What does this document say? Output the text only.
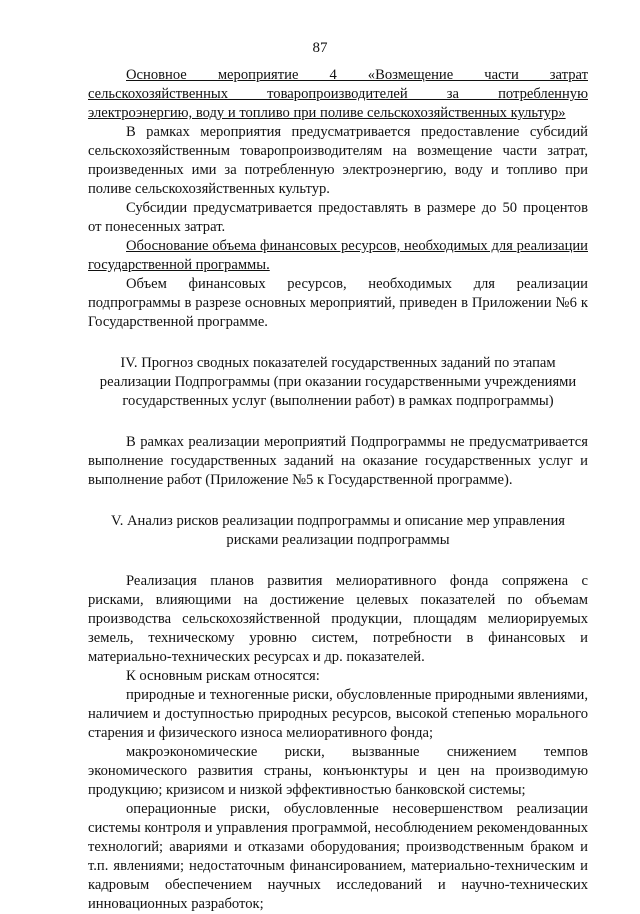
87

Основное мероприятие 4 «Возмещение части затрат сельскохозяйственных товаропроизводителей за потребленную электроэнергию, воду и топливо при поливе сельскохозяйственных культур»

В рамках мероприятия предусматривается предоставление субсидий сельскохозяйственным товаропроизводителям на возмещение части затрат, произведенных ими за потребленную электроэнергию, воду и топливо при поливе сельскохозяйственных культур.

Субсидии предусматривается предоставлять в размере до 50 процентов от понесенных затрат.

Обоснование объема финансовых ресурсов, необходимых для реализации государственной программы.

Объем финансовых ресурсов, необходимых для реализации подпрограммы в разрезе основных мероприятий, приведен в Приложении №6 к Государственной программе.

IV. Прогноз сводных показателей государственных заданий по этапам реализации Подпрограммы (при оказании государственными учреждениями государственных услуг (выполнении работ) в рамках подпрограммы)

В рамках реализации мероприятий Подпрограммы не предусматривается выполнение государственных заданий на оказание государственных услуг и выполнение работ (Приложение №5 к Государственной программе).

V. Анализ рисков реализации подпрограммы и описание мер управления рисками реализации подпрограммы

Реализация планов развития мелиоративного фонда сопряжена с рисками, влияющими на достижение целевых показателей по объемам производства сельскохозяйственной продукции, площадям мелиорируемых земель, техническому уровню систем, потребности в финансовых и материально-технических ресурсах и др. показателей.

К основным рискам относятся:

природные и техногенные риски, обусловленные природными явлениями, наличием и доступностью природных ресурсов, высокой степенью морального старения и физического износа мелиоративного фонда;

макроэкономические риски, вызванные снижением темпов экономического развития страны, конъюнктуры и цен на производимую продукцию; кризисом и низкой эффективностью банковской системы;

операционные риски, обусловленные несовершенством реализации системы контроля и управления программой, несоблюдением рекомендованных технологий; авариями и отказами оборудования; производственным браком и т.п. явлениями; недостаточным финансированием, материально-техническим и кадровым обеспечением научных исследований и научно-технических инновационных разработок;
